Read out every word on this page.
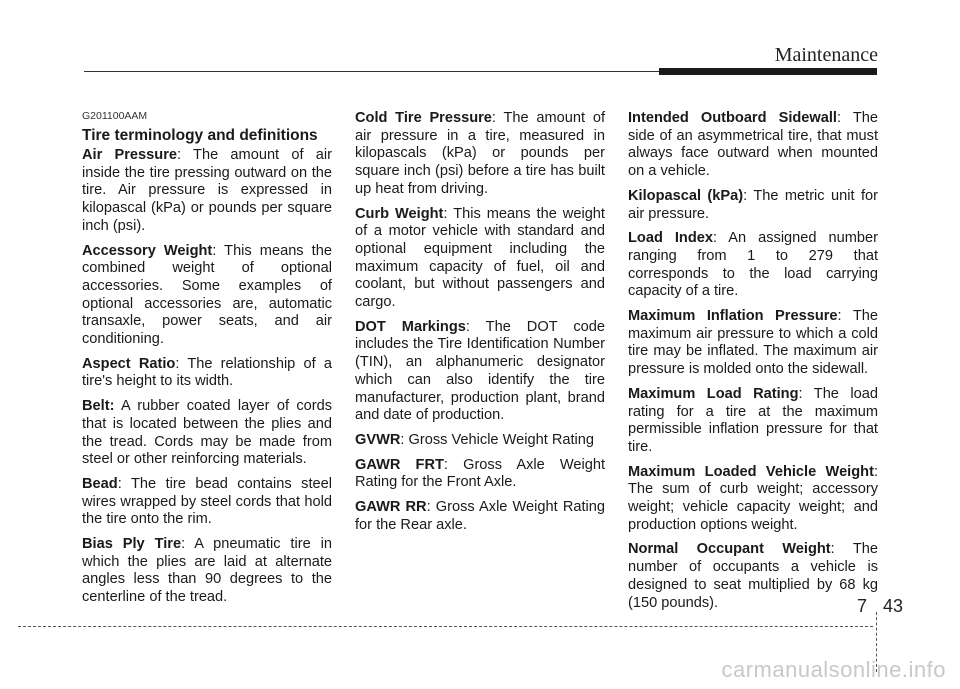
Maintenance
G201100AAM
Tire terminology and definitions
Air Pressure: The amount of air inside the tire pressing outward on the tire. Air pressure is expressed in kilopascal (kPa) or pounds per square inch (psi).
Accessory Weight: This means the combined weight of optional accessories. Some examples of optional accessories are, automatic transaxle, power seats, and air conditioning.
Aspect Ratio: The relationship of a tire's height to its width.
Belt: A rubber coated layer of cords that is located between the plies and the tread. Cords may be made from steel or other reinforcing materials.
Bead: The tire bead contains steel wires wrapped by steel cords that hold the tire onto the rim.
Bias Ply Tire: A pneumatic tire in which the plies are laid at alternate angles less than 90 degrees to the centerline of the tread.
Cold Tire Pressure: The amount of air pressure in a tire, measured in kilopascals (kPa) or pounds per square inch (psi) before a tire has built up heat from driving.
Curb Weight: This means the weight of a motor vehicle with standard and optional equipment including the maximum capacity of fuel, oil and coolant, but without passengers and cargo.
DOT Markings: The DOT code includes the Tire Identification Number (TIN), an alphanumeric designator which can also identify the tire manufacturer, production plant, brand and date of production.
GVWR: Gross Vehicle Weight Rating
GAWR FRT: Gross Axle Weight Rating for the Front Axle.
GAWR RR: Gross Axle Weight Rating for the Rear axle.
Intended Outboard Sidewall: The side of an asymmetrical tire, that must always face outward when mounted on a vehicle.
Kilopascal (kPa): The metric unit for air pressure.
Load Index: An assigned number ranging from 1 to 279 that corresponds to the load carrying capacity of a tire.
Maximum Inflation Pressure: The maximum air pressure to which a cold tire may be inflated. The maximum air pressure is molded onto the sidewall.
Maximum Load Rating: The load rating for a tire at the maximum permissible inflation pressure for that tire.
Maximum Loaded Vehicle Weight: The sum of curb weight; accessory weight; vehicle capacity weight; and production options weight.
Normal Occupant Weight: The number of occupants a vehicle is designed to seat multiplied by 68 kg (150 pounds).	7 43
carmanualsonline.info
